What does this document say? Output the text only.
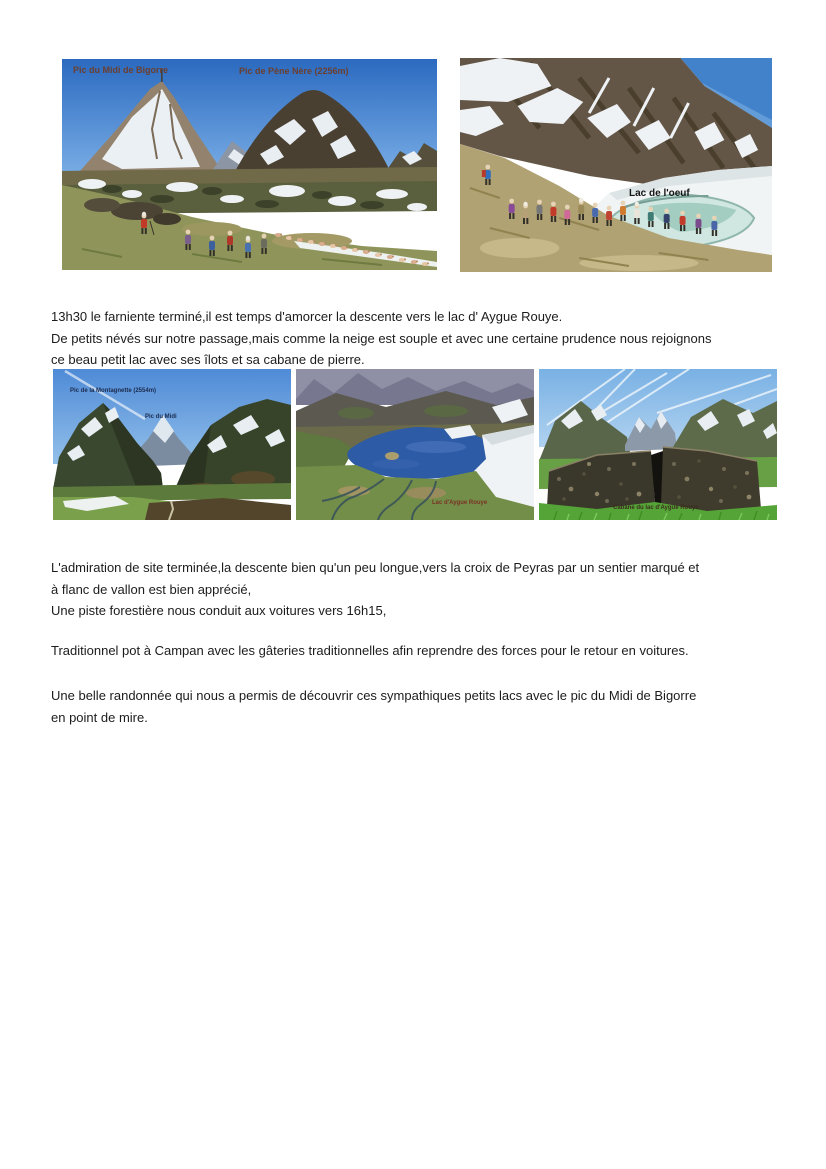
Pic du Midi de Bigorre	Pic de Pène Nère (2256m)
Lac de l'oeuf
13h30 le farniente terminé,il est temps d'amorcer la descente vers le lac d' Aygue Rouye.
De petits névés sur notre passage,mais comme la neige est souple et avec une certaine prudence nous rejoignons
ce beau petit lac avec ses îlots et sa cabane de pierre.
Pic de la Montagnette (2554m)
Pic du Midi
Lac d'Aygue Rouye
Cabane du lac d'Aygue Rouye
L'admiration de site terminée,la descente bien qu'un peu longue,vers la croix de Peyras par un sentier marqué et
à flanc de vallon est bien apprécié,
Une piste forestière nous conduit aux voitures vers 16h15,
Traditionnel pot à Campan avec les gâteries traditionnelles afin reprendre des forces pour le retour en voitures.
Une belle randonnée qui nous a permis de découvrir ces sympathiques petits lacs avec le pic du Midi de Bigorre
en point de mire.
